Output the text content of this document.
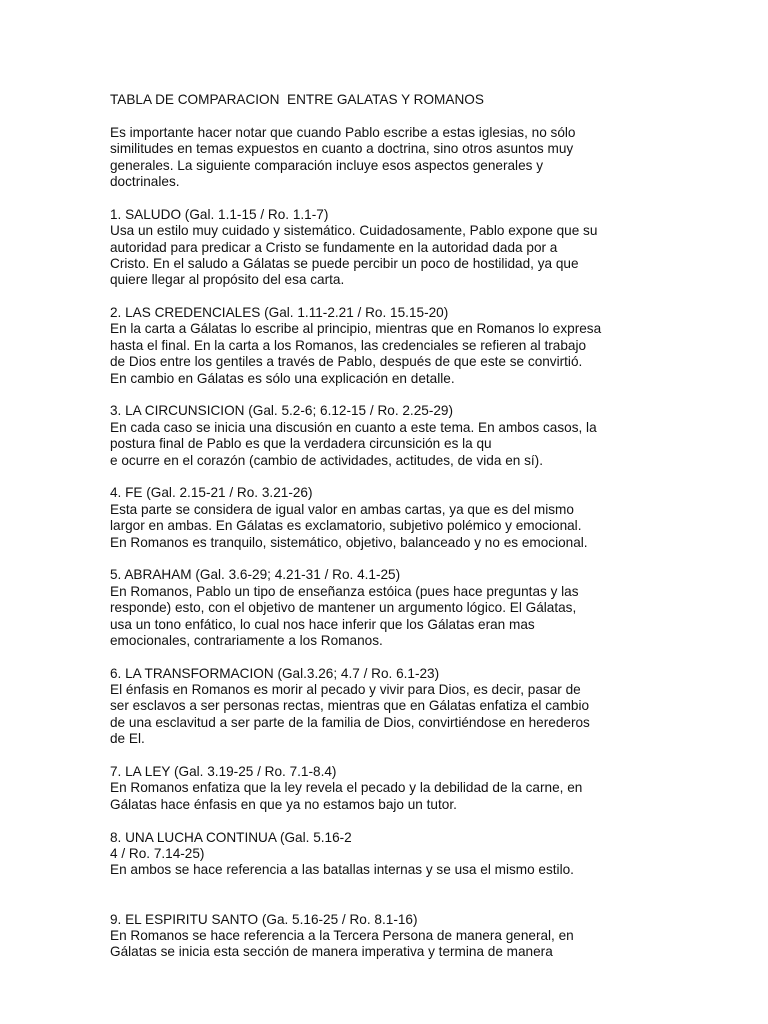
TABLA DE COMPARACION  ENTRE GALATAS Y ROMANOS
Es importante hacer notar que cuando Pablo escribe a estas iglesias, no sólo
similitudes en temas expuestos en cuanto a doctrina, sino otros asuntos muy
generales. La siguiente comparación incluye esos aspectos generales y
doctrinales.
1. SALUDO (Gal. 1.1-15 / Ro. 1.1-7)
Usa un estilo muy cuidado y sistemático. Cuidadosamente, Pablo expone que su
autoridad para predicar a Cristo se fundamente en la autoridad dada por a
Cristo. En el saludo a Gálatas se puede percibir un poco de hostilidad, ya que
quiere llegar al propósito del esa carta.
2. LAS CREDENCIALES (Gal. 1.11-2.21 / Ro. 15.15-20)
En la carta a Gálatas lo escribe al principio, mientras que en Romanos lo expresa
hasta el final. En la carta a los Romanos, las credenciales se refieren al trabajo
de Dios entre los gentiles a través de Pablo, después de que este se convirtió.
En cambio en Gálatas es sólo una explicación en detalle.
3. LA CIRCUNSICION (Gal. 5.2-6; 6.12-15 / Ro. 2.25-29)
En cada caso se inicia una discusión en cuanto a este tema. En ambos casos, la
postura final de Pablo es que la verdadera circunsición es la qu
e ocurre en el corazón (cambio de actividades, actitudes, de vida en sí).
4. FE (Gal. 2.15-21 / Ro. 3.21-26)
Esta parte se considera de igual valor en ambas cartas, ya que es del mismo
largor en ambas. En Gálatas es exclamatorio, subjetivo polémico y emocional.
En Romanos es tranquilo, sistemático, objetivo, balanceado y no es emocional.
5. ABRAHAM (Gal. 3.6-29; 4.21-31 / Ro. 4.1-25)
En Romanos, Pablo un tipo de enseñanza estóica (pues hace preguntas y las
responde) esto, con el objetivo de mantener un argumento lógico. El Gálatas,
usa un tono enfático, lo cual nos hace inferir que los Gálatas eran mas
emocionales, contrariamente a los Romanos.
6. LA TRANSFORMACION (Gal.3.26; 4.7 / Ro. 6.1-23)
El énfasis en Romanos es morir al pecado y vivir para Dios, es decir, pasar de
ser esclavos a ser personas rectas, mientras que en Gálatas enfatiza el cambio
de una esclavitud a ser parte de la familia de Dios, convirtiéndose en herederos
de El.
7. LA LEY (Gal. 3.19-25 / Ro. 7.1-8.4)
En Romanos enfatiza que la ley revela el pecado y la debilidad de la carne, en
Gálatas hace énfasis en que ya no estamos bajo un tutor.
8. UNA LUCHA CONTINUA (Gal. 5.16-2
4 / Ro. 7.14-25)
En ambos se hace referencia a las batallas internas y se usa el mismo estilo.
9. EL ESPIRITU SANTO (Ga. 5.16-25 / Ro. 8.1-16)
En Romanos se hace referencia a la Tercera Persona de manera general, en
Gálatas se inicia esta sección de manera imperativa y termina de manera
